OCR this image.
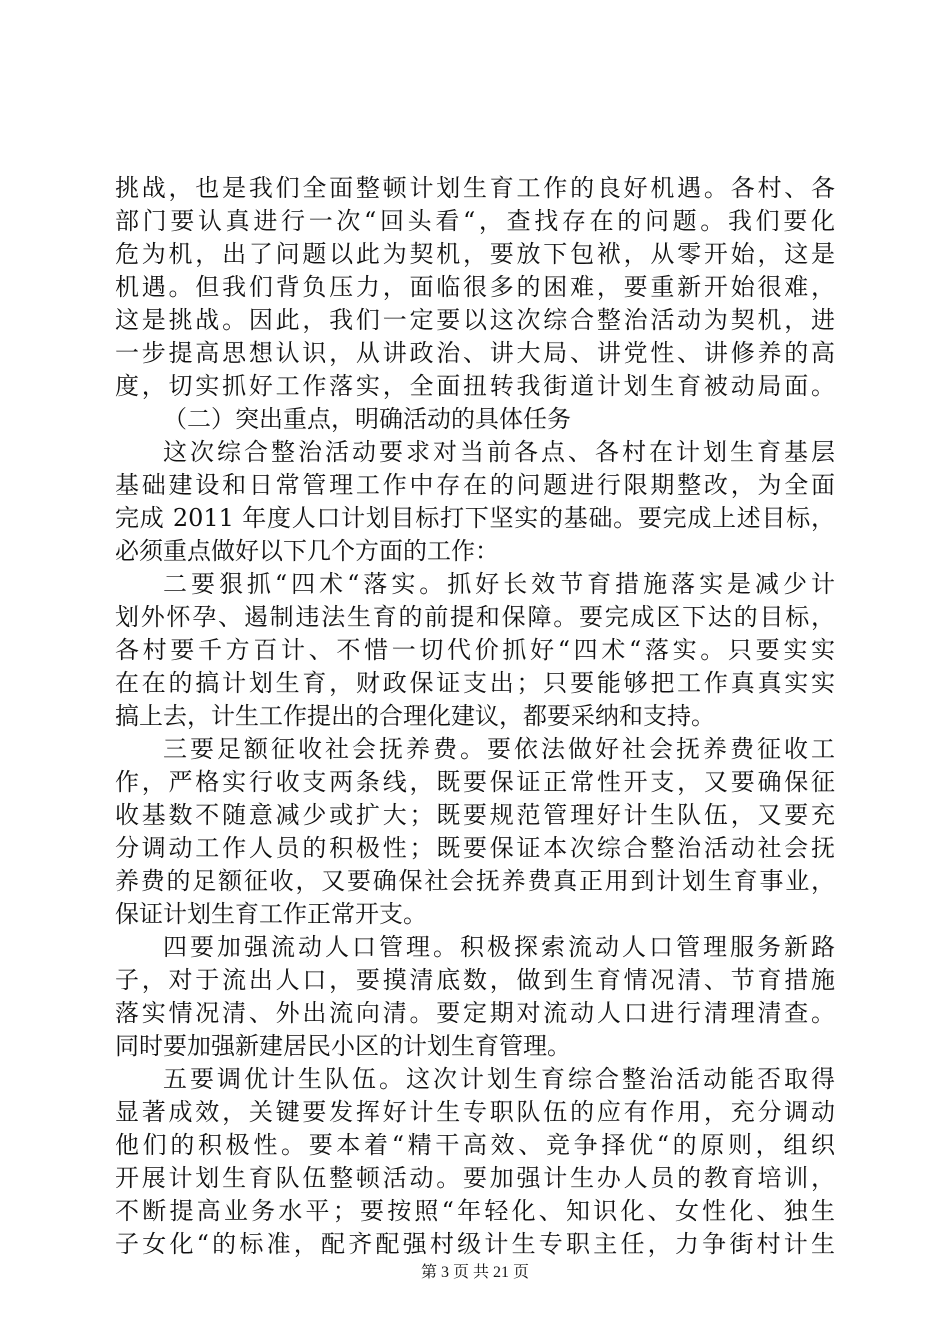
挑战，也是我们全面整顿计划生育工作的良好机遇。各村、各
部门要认真进行一次“回头看“，查找存在的问题。我们要化
危为机，出了问题以此为契机，要放下包袱，从零开始，这是
机遇。但我们背负压力，面临很多的困难，要重新开始很难，
这是挑战。因此，我们一定要以这次综合整治活动为契机，进
一步提高思想认识，从讲政治、讲大局、讲党性、讲修养的高
度，切实抓好工作落实，全面扭转我街道计划生育被动局面。
（二）突出重点，明确活动的具体任务
这次综合整治活动要求对当前各点、各村在计划生育基层
基础建设和日常管理工作中存在的问题进行限期整改，为全面
完成 2011 年度人口计划目标打下坚实的基础。要完成上述目标，
必须重点做好以下几个方面的工作：
二要狠抓“四术“落实。抓好长效节育措施落实是减少计
划外怀孕、遏制违法生育的前提和保障。要完成区下达的目标，
各村要千方百计、不惜一切代价抓好“四术“落实。只要实实
在在的搞计划生育，财政保证支出；只要能够把工作真真实实
搞上去，计生工作提出的合理化建议，都要采纳和支持。
三要足额征收社会抚养费。要依法做好社会抚养费征收工
作，严格实行收支两条线，既要保证正常性开支，又要确保征
收基数不随意减少或扩大；既要规范管理好计生队伍，又要充
分调动工作人员的积极性；既要保证本次综合整治活动社会抚
养费的足额征收，又要确保社会抚养费真正用到计划生育事业，
保证计划生育工作正常开支。
四要加强流动人口管理。积极探索流动人口管理服务新路
子，对于流出人口，要摸清底数，做到生育情况清、节育措施
落实情况清、外出流向清。要定期对流动人口进行清理清查。
同时要加强新建居民小区的计划生育管理。
五要调优计生队伍。这次计划生育综合整治活动能否取得
显著成效，关键要发挥好计生专职队伍的应有作用，充分调动
他们的积极性。要本着“精干高效、竞争择优“的原则，组织
开展计划生育队伍整顿活动。要加强计生办人员的教育培训，
不断提高业务水平；要按照“年轻化、知识化、女性化、独生
子女化“的标准，配齐配强村级计生专职主任，力争街村计生
第 3 页 共 21 页
